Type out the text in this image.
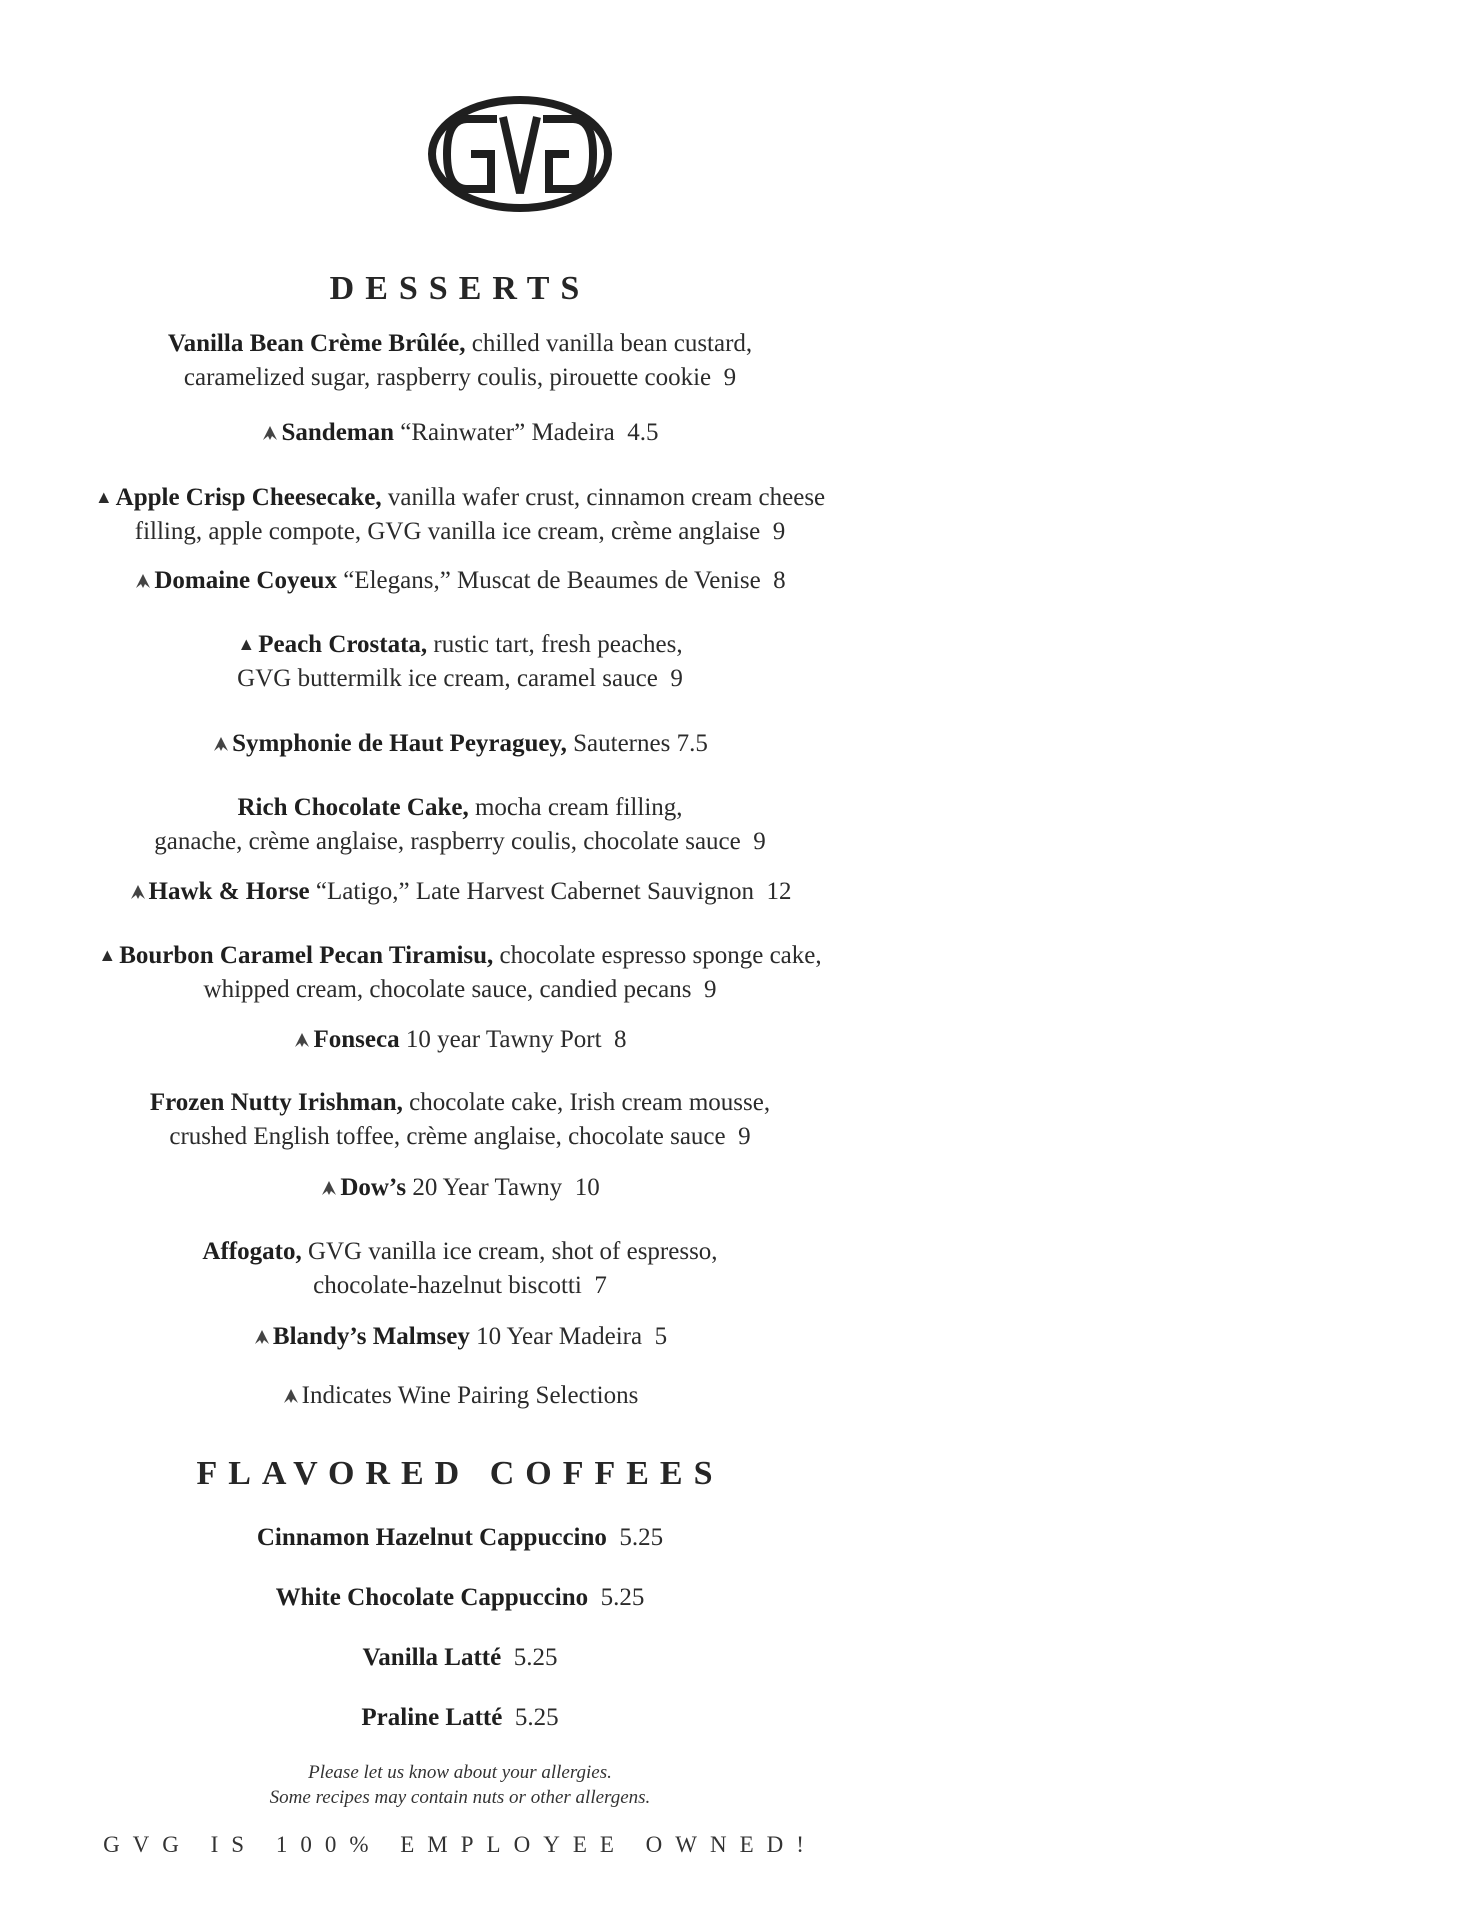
DESSERTS
Vanilla Bean Crème Brûlée, chilled vanilla bean custard,
caramelized sugar, raspberry coulis, pirouette cookie 9
Sandeman “Rainwater” Madeira 4.5
▲ Apple Crisp Cheesecake, vanilla wafer crust, cinnamon cream cheese
filling, apple compote, GVG vanilla ice cream, crème anglaise 9
Domaine Coyeux “Elegans,” Muscat de Beaumes de Venise 8
▲ Peach Crostata, rustic tart, fresh peaches,
GVG buttermilk ice cream, caramel sauce 9
Symphonie de Haut Peyraguey, Sauternes 7.5
Rich Chocolate Cake, mocha cream filling,
ganache, crème anglaise, raspberry coulis, chocolate sauce 9
Hawk & Horse “Latigo,” Late Harvest Cabernet Sauvignon 12
▲ Bourbon Caramel Pecan Tiramisu, chocolate espresso sponge cake,
whipped cream, chocolate sauce, candied pecans 9
Fonseca 10 year Tawny Port 8
Frozen Nutty Irishman, chocolate cake, Irish cream mousse,
crushed English toffee, crème anglaise, chocolate sauce 9
Dow’s 20 Year Tawny 10
Affogato, GVG vanilla ice cream, shot of espresso,
chocolate-hazelnut biscotti 7
Blandy’s Malmsey 10 Year Madeira 5
Indicates Wine Pairing Selections
FLAVORED COFFEES
Cinnamon Hazelnut Cappuccino 5.25
White Chocolate Cappuccino 5.25
Vanilla Latté 5.25
Praline Latté 5.25
Please let us know about your allergies.
Some recipes may contain nuts or other allergens.
GVG IS 100% EMPLOYEE OWNED!
